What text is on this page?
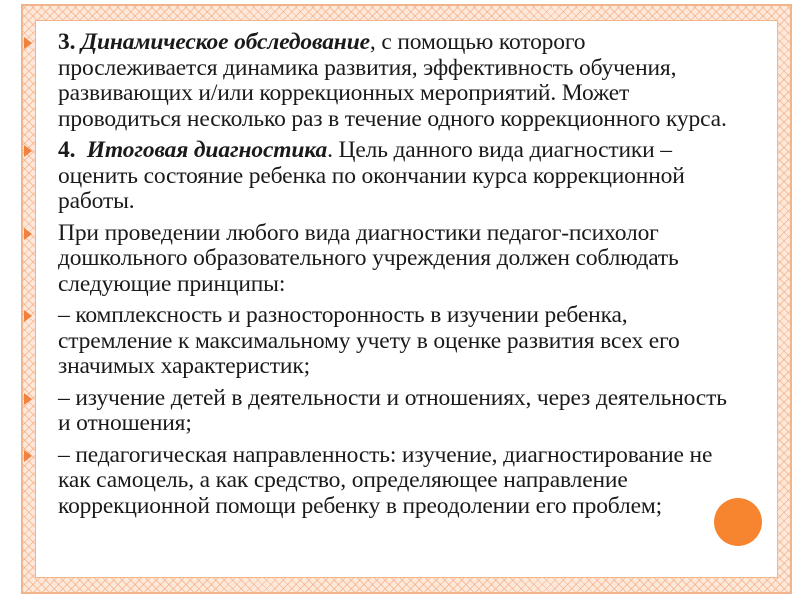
3. Динамическое обследование, с помощью которого прослеживается динамика развития, эффективность обучения, развивающих и/или коррекционных мероприятий. Может проводиться несколько раз в течение одного коррекционного курса.
4. Итоговая диагностика. Цель данного вида диагностики – оценить состояние ребенка по окончании курса коррекционной работы.
При проведении любого вида диагностики педагог-психолог дошкольного образовательного учреждения должен соблюдать следующие принципы:
– комплексность и разносторонность в изучении ребенка, стремление к максимальному учету в оценке развития всех его значимых характеристик;
– изучение детей в деятельности и отношениях, через деятельность и отношения;
– педагогическая направленность: изучение, диагностирование не как самоцель, а как средство, определяющее направление коррекционной помощи ребенку в преодолении его проблем;
